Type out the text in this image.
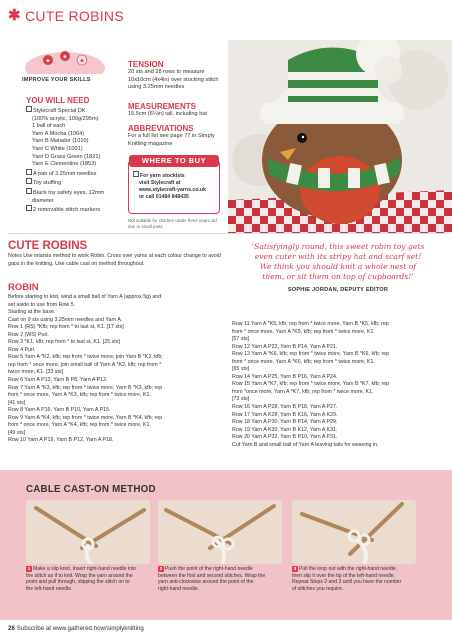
✱ CUTE ROBINS
★
★
★
IMPROVE YOUR SKILLS
YOU WILL NEED
Stylecraft Special DK
(100% acrylic, 100g/295m)
1 ball of each
Yarn A Mocha (1064)
Yarn B Matador (1010)
Yarn C White (1001)
Yarn D Grass Green (1821)
Yarn E Clementine (1853)
A pair of 3.25mm needles
Toy stuffing
Black toy safety eyes, 12mm
diameter
2 removable stitch markers
TENSION
20 sts and 28 rows to measure 10x10cm (4x4in) over stocking stitch using 3.25mm needles
MEASUREMENTS
15.5cm (6¼in) tall, including hat
ABBREVIATIONS
For a full list see page 77 in Simply Knitting magazine
WHERE TO BUY
For yarn stockists
visit Stylecraft at
www.stylecraft-yarns.co.uk
or call 01484 848435
Not suitable for children under three years old due to small parts
CUTE ROBINS
Notes Use intarsia method to work Robin. Cross over yarns at each colour change to avoid gaps in the knitting. Use cable cast on method throughout.
‘Satisfyingly round, this sweet robin toy gets
even cuter with its stripy hat and scarf set!
We think you should knit a whole nest of
them, or sit them on top of cupboards!’
SOPHIE JORDAN, DEPUTY EDITOR
ROBIN
Before starting to knit, wind a small ball of Yarn A (approx 5g) and
set aside to use from Row 5.
Starting at the base.
Cast on 9 sts using 3.25mm needles and Yarn A.
Row 1 (RS) *Kfb; rep from * to last st, K1. [17 sts]
Row 2 (WS) Purl.
Row 3 *K1, kfb; rep from * to last st, K1. [25 sts]
Row 4 Purl.
Row 5 Yarn A *K2, kfb; rep from * twice more, join Yarn B *K2, kfb;
rep from * once more, join small ball of Yarn A *K2, kfb; rep from *
twice more, K1. [33 sts]
Row 6 Yarn A P13, Yarn B P8, Yarn A P12.
Row 7 Yarn A *K3, kfb; rep from * twice more, Yarn B *K3, kfb; rep
from * once more, Yarn A *K3, kfb; rep from * twice more, K1.
[41 sts]
Row 8 Yarn A P16, Yarn B P10, Yarn A P15.
Row 9 Yarn A *K4, kfb; rep from * twice more, Yarn B *K4, kfb; rep
from * once more, Yarn A *K4, kfb; rep from * twice more, K1.
[49 sts]
Row 10 Yarn A P19, Yarn B P12, Yarn A P18.
Row 11 Yarn A *K5, kfb; rep from * twice more, Yarn B *K5, kfb; rep
from * once more, Yarn A *K5, kfb; rep from * twice more, K1.
[57 sts]
Row 12 Yarn A P22, Yarn B P14, Yarn A P21.
Row 13 Yarn A *K6, kfb; rep from * twice more, Yarn B *K6, kfb; rep
from * once more, Yarn A *K6, kfb; rep from * twice more, K1.
[65 sts]
Row 14 Yarn A P25, Yarn B P16, Yarn A P24.
Row 15 Yarn A *K7, kfb; rep from * twice more, Yarn B *K7, kfb; rep
from *once more, Yarn A *K7, kfb; rep from * twice more, K1.
[73 sts]
Row 16 Yarn A P28, Yarn B P18, Yarn A P27.
Row 17 Yarn A K28, Yarn B K16, Yarn A K29.
Row 18 Yarn A P30, Yarn B P14, Yarn A P29.
Row 19 Yarn A K30, Yarn B K12, Yarn A K31.
Row 20 Yarn A P32, Yarn B P10, Yarn A P31.
Cut Yarn B and small ball of Yarn A leaving tails for weaving in.
CABLE CAST-ON METHOD
1 Make a slip knot. Insert right-hand needle into
the stitch as if to knit. Wrap the yarn around the
point and pull through, slipping the stitch on to
the left-hand needle.
2 Push the point of the right-hand needle
between the first and second stitches. Wrap the
yarn anti-clockwise around the point of the
right-hand needle.
3 Pull the loop out with the right-hand needle,
then slip it over the tip of the left-hand needle.
Repeat Steps 2 and 3 until you have the number
of stitches you require.
26 Subscribe at www.gathered.how/simplyknitting
